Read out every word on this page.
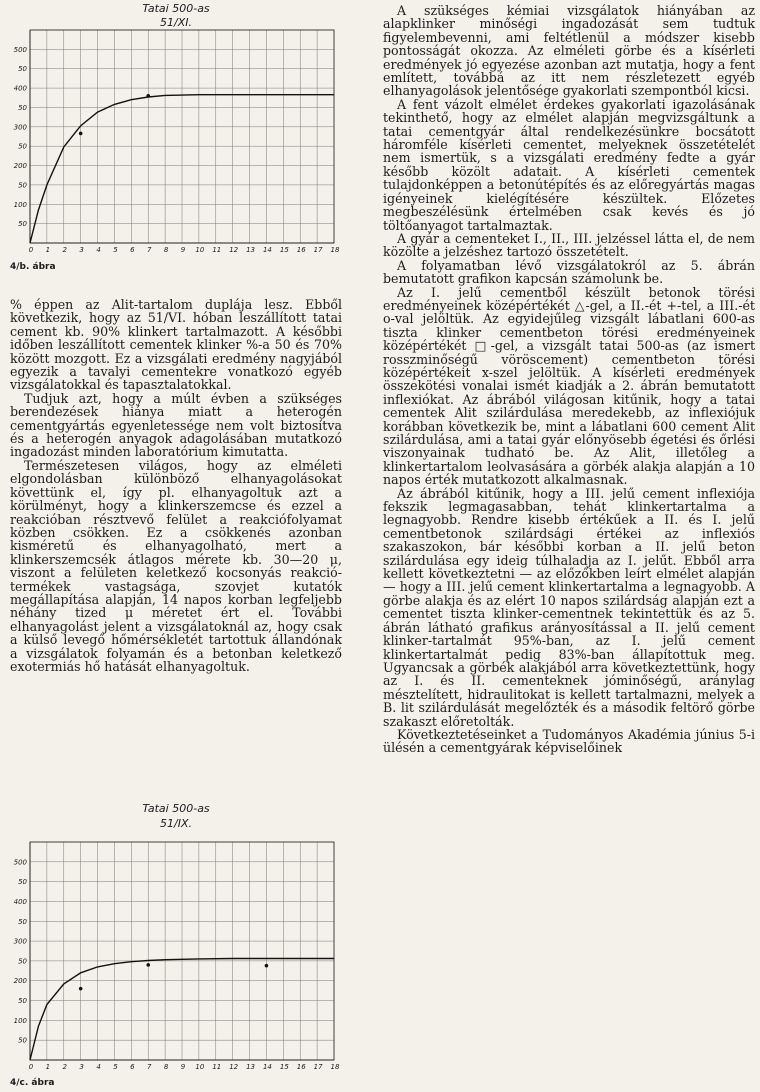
Tatai 500-as
51/XI.
500
50
400
50
300
50
200
50
100
50
0 1 2 3 4 5 6 7 8 9 10 11 12 13 14 15 16 17 18
4/b. ábra

% éppen az Alit-tartalom duplája lesz. Ebből következik, hogy az 51/VI. hóban leszállított tatai cement kb. 90% klinkert tartalmazott. A későbbi időben leszállított cementek klinker %-a 50 és 70% között mozgott. Ez a vizsgálati eredmény nagyjából egyezik a tavalyi cementekre vonatkozó egyéb vizsgálatokkal és tapasztalatokkal.

Tudjuk azt, hogy a múlt évben a szükséges berendezések hiánya miatt a heterogén cementgyártás egyenletessége nem volt biztosítva és a heterogén anyagok adagolásában mutatkozó ingadozást minden laboratórium kimutatta.

Természetesen világos, hogy az elméleti elgondolásban különböző elhanyagolásokat követtünk el, így pl. elhanyagoltuk azt a körülményt, hogy a klinkerszemcse és ezzel a reakcióban résztvevő felület a reakciófolyamat közben csökken. Ez a csökkenés azonban kisméretű és elhanyagolható, mert a klinkerszemcsék átlagos mérete kb. 30—20 μ, viszont a felületen keletkező kocsonyás reakció-termékek vastagsága, szovjet kutatók megállapítása alapján, 14 napos korban legfeljebb néhány tized μ méretet ért el. További elhanyagolást jelent a vizsgálatoknál az, hogy csak a külső levegő hőmérsékletét tartottuk állandónak a vizsgálatok folyamán és a betonban keletkező exotermiás hő hatását elhanyagoltuk.

Tatai 500-as
51/IX.
500
50
400
50
300
50
200
50
100
50
0 1 2 3 4 5 6 7 8 9 10 11 12 13 14 15 16 17 18
4/c. ábra

A szükséges kémiai vizsgálatok hiányában az alapklinker minőségi ingadozását sem tudtuk figyelembevenni, ami feltétlenül a módszer kisebb pontosságát okozza. Az elméleti görbe és a kísérleti eredmények jó egyezése azonban azt mutatja, hogy a fent említett, továbbá az itt nem részletezett egyéb elhanyagolások jelentősége gyakorlati szempontból kicsi.

A fent vázolt elmélet érdekes gyakorlati igazolásának tekinthető, hogy az elmélet alapján megvizsgáltunk a tatai cementgyár által rendelkezésünkre bocsátott háromféle kísérleti cementet, melyeknek összetételét nem ismertük, s a vizsgálati eredmény fedte a gyár később közölt adatait. A kísérleti cementek tulajdonképpen a betonútépítés és az előregyártás magas igényeinek kielégítésére készültek. Előzetes megbeszélésünk értelmében csak kevés és jó töltőanyagot tartalmaztak.

A gyár a cementeket I., II., III. jelzéssel látta el, de nem közölte a jelzéshez tartozó összetételt.

A folyamatban lévő vizsgálatokról az 5. ábrán bemutatott grafikon kapcsán számolunk be.

Az I. jelű cementből készült betonok törési eredményeinek középértékét △-gel, a II.-ét +-tel, a III.-ét o-val jelöltük. Az egyidejűleg vizsgált lábatlani 600-as tiszta klinker cementbeton törési eredményeinek középértékét □-gel, a vizsgált tatai 500-as (az ismert rosszminőségű vöröscement) cementbeton törési középértékeit x-szel jelöltük. A kísérleti eredmények összekötési vonalai ismét kiadják a 2. ábrán bemutatott inflexiókat. Az ábrából világosan kitűnik, hogy a tatai cementek Alit szilárdulása meredekebb, az inflexiójuk korábban következik be, mint a lábatlani 600 cement Alit szilárdulása, ami a tatai gyár előnyösebb égetési és őrlési viszonyainak tudható be. Az Alit, illetőleg a klinkertartalom leolvasására a görbék alakja alapján a 10 napos érték mutatkozott alkalmasnak.

Az ábrából kitűnik, hogy a III. jelű cement inflexiója fekszik legmagasabban, tehát klinkertartalma a legnagyobb. Rendre kisebb értékűek a II. és I. jelű cementbetonok szilárdsági értékei az inflexiós szakaszokon, bár későbbi korban a II. jelű beton szilárdulása egy ideig túlhaladja az I. jelűt. Ebből arra kellett következtetni — az előzőkben leírt elmélet alapján — hogy a III. jelű cement klinkertartalma a legnagyobb. A görbe alakja és az elért 10 napos szilárdság alapján ezt a cementet tiszta klinker-cementnek tekintettük és az 5. ábrán látható grafikus arányosítással a II. jelű cement klinker-tartalmát 95%-ban, az I. jelű cement klinkertartalmát pedig 83%-ban állapítottuk meg. Ugyancsak a görbék alakjából arra következtettünk, hogy az I. és II. cementeknek jóminőségű, aránylag mésztelített, hidraulitokat is kellett tartalmazni, melyek a B. lit szilárdulását megelőzték és a második feltörő görbe szakaszt előretolták.

Következtetéseinket a Tudományos Akadémia június 5-i ülésén a cementgyárak képviselőinek
